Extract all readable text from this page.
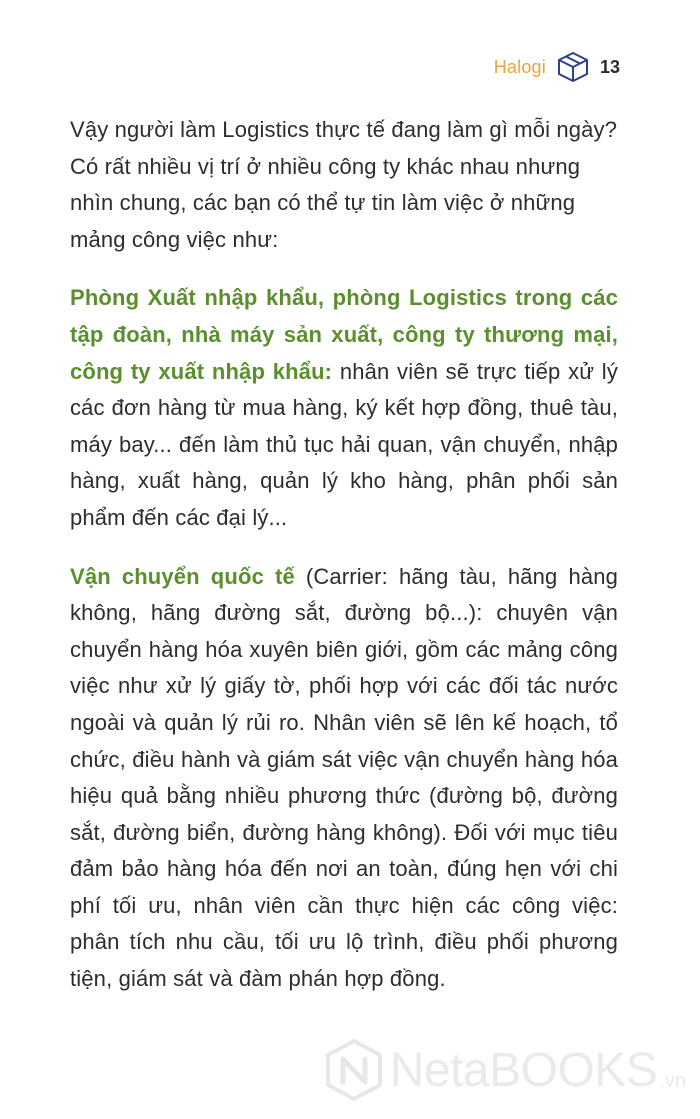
Halogi	13

Vậy người làm Logistics thực tế đang làm gì mỗi ngày? Có rất nhiều vị trí ở nhiều công ty khác nhau nhưng nhìn chung, các bạn có thể tự tin làm việc ở những mảng công việc như:

Phòng Xuất nhập khẩu, phòng Logistics trong các tập đoàn, nhà máy sản xuất, công ty thương mại, công ty xuất nhập khẩu: nhân viên sẽ trực tiếp xử lý các đơn hàng từ mua hàng, ký kết hợp đồng, thuê tàu, máy bay... đến làm thủ tục hải quan, vận chuyển, nhập hàng, xuất hàng, quản lý kho hàng, phân phối sản phẩm đến các đại lý...

Vận chuyển quốc tế (Carrier: hãng tàu, hãng hàng không, hãng đường sắt, đường bộ...): chuyên vận chuyển hàng hóa xuyên biên giới, gồm các mảng công việc như xử lý giấy tờ, phối hợp với các đối tác nước ngoài và quản lý rủi ro. Nhân viên sẽ lên kế hoạch, tổ chức, điều hành và giám sát việc vận chuyển hàng hóa hiệu quả bằng nhiều phương thức (đường bộ, đường sắt, đường biển, đường hàng không). Đối với mục tiêu đảm bảo hàng hóa đến nơi an toàn, đúng hẹn với chi phí tối ưu, nhân viên cần thực hiện các công việc: phân tích nhu cầu, tối ưu lộ trình, điều phối phương tiện, giám sát và đàm phán hợp đồng.

NetaBOOKS .vn
